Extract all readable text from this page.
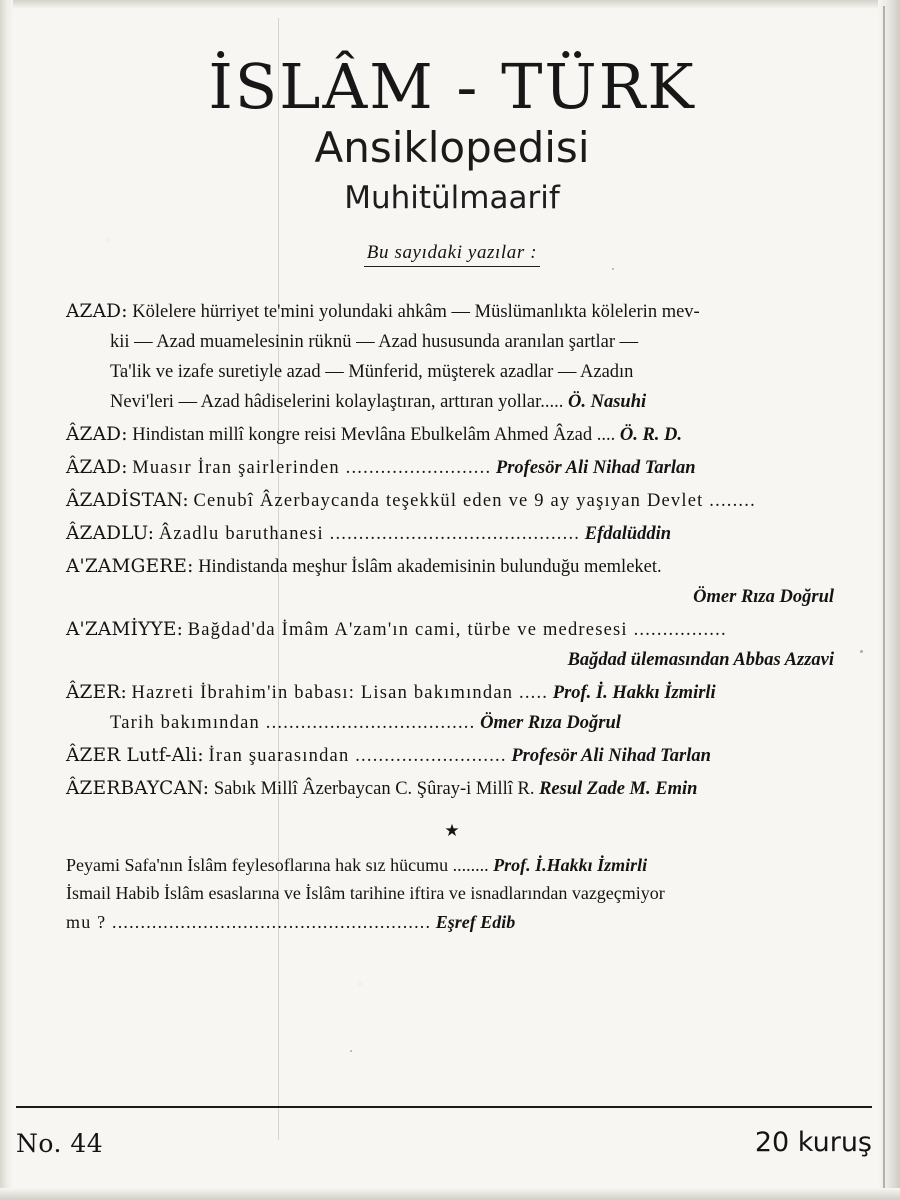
İSLÂM - TÜRK
Ansiklopedisi
Muhitülmaarif
Bu sayıdaki yazılar :
AZAD: Kölelere hürriyet te'mini yolundaki ahkâm — Müslümanlıkta kölelerin mev-
kii — Azad muamelesinin rüknü — Azad hususunda aranılan şartlar —
Ta'lik ve izafe suretiyle azad — Münferid, müşterek azadlar — Azadın
Nevi'leri — Azad hâdiselerini kolaylaştıran, arttıran yollar..... Ö. Nasuhi
ÂZAD: Hindistan millî kongre reisi Mevlâna Ebulkelâm Ahmed Âzad .... Ö. R. D.
ÂZAD: Muasır İran şairlerinden ......................... Profesör Ali Nihad Tarlan
ÂZADİSTAN: Cenubî Âzerbaycanda teşekkül eden ve 9 ay yaşıyan Devlet ........
ÂZADLU: Âzadlu baruthanesi ........................................... Efdalüddin
A'ZAMGERE: Hindistanda meşhur İslâm akademisinin bulunduğu memleket.
Ömer Rıza Doğrul
A'ZAMİYYE: Bağdad'da İmâm A'zam'ın cami, türbe ve medresesi ................
Bağdad ülemasından Abbas Azzavi
ÂZER: Hazreti İbrahim'in babası: Lisan bakımından ..... Prof. İ. Hakkı İzmirli
Tarih bakımından .................................... Ömer Rıza Doğrul
ÂZER Lutf-Ali: İran şuarasından .......................... Profesör Ali Nihad Tarlan
ÂZERBAYCAN: Sabık Millî Âzerbaycan C. Şûray-i Millî R. Resul Zade M. Emin
★
Peyami Safa'nın İslâm feylesoflarına hak sız hücumu ........ Prof. İ.Hakkı İzmirli
İsmail Habib İslâm esaslarına ve İslâm tarihine iftira ve isnadlarından vazgeçmiyor
mu ? ........................................................ Eşref Edib
No. 44	20 kuruş
